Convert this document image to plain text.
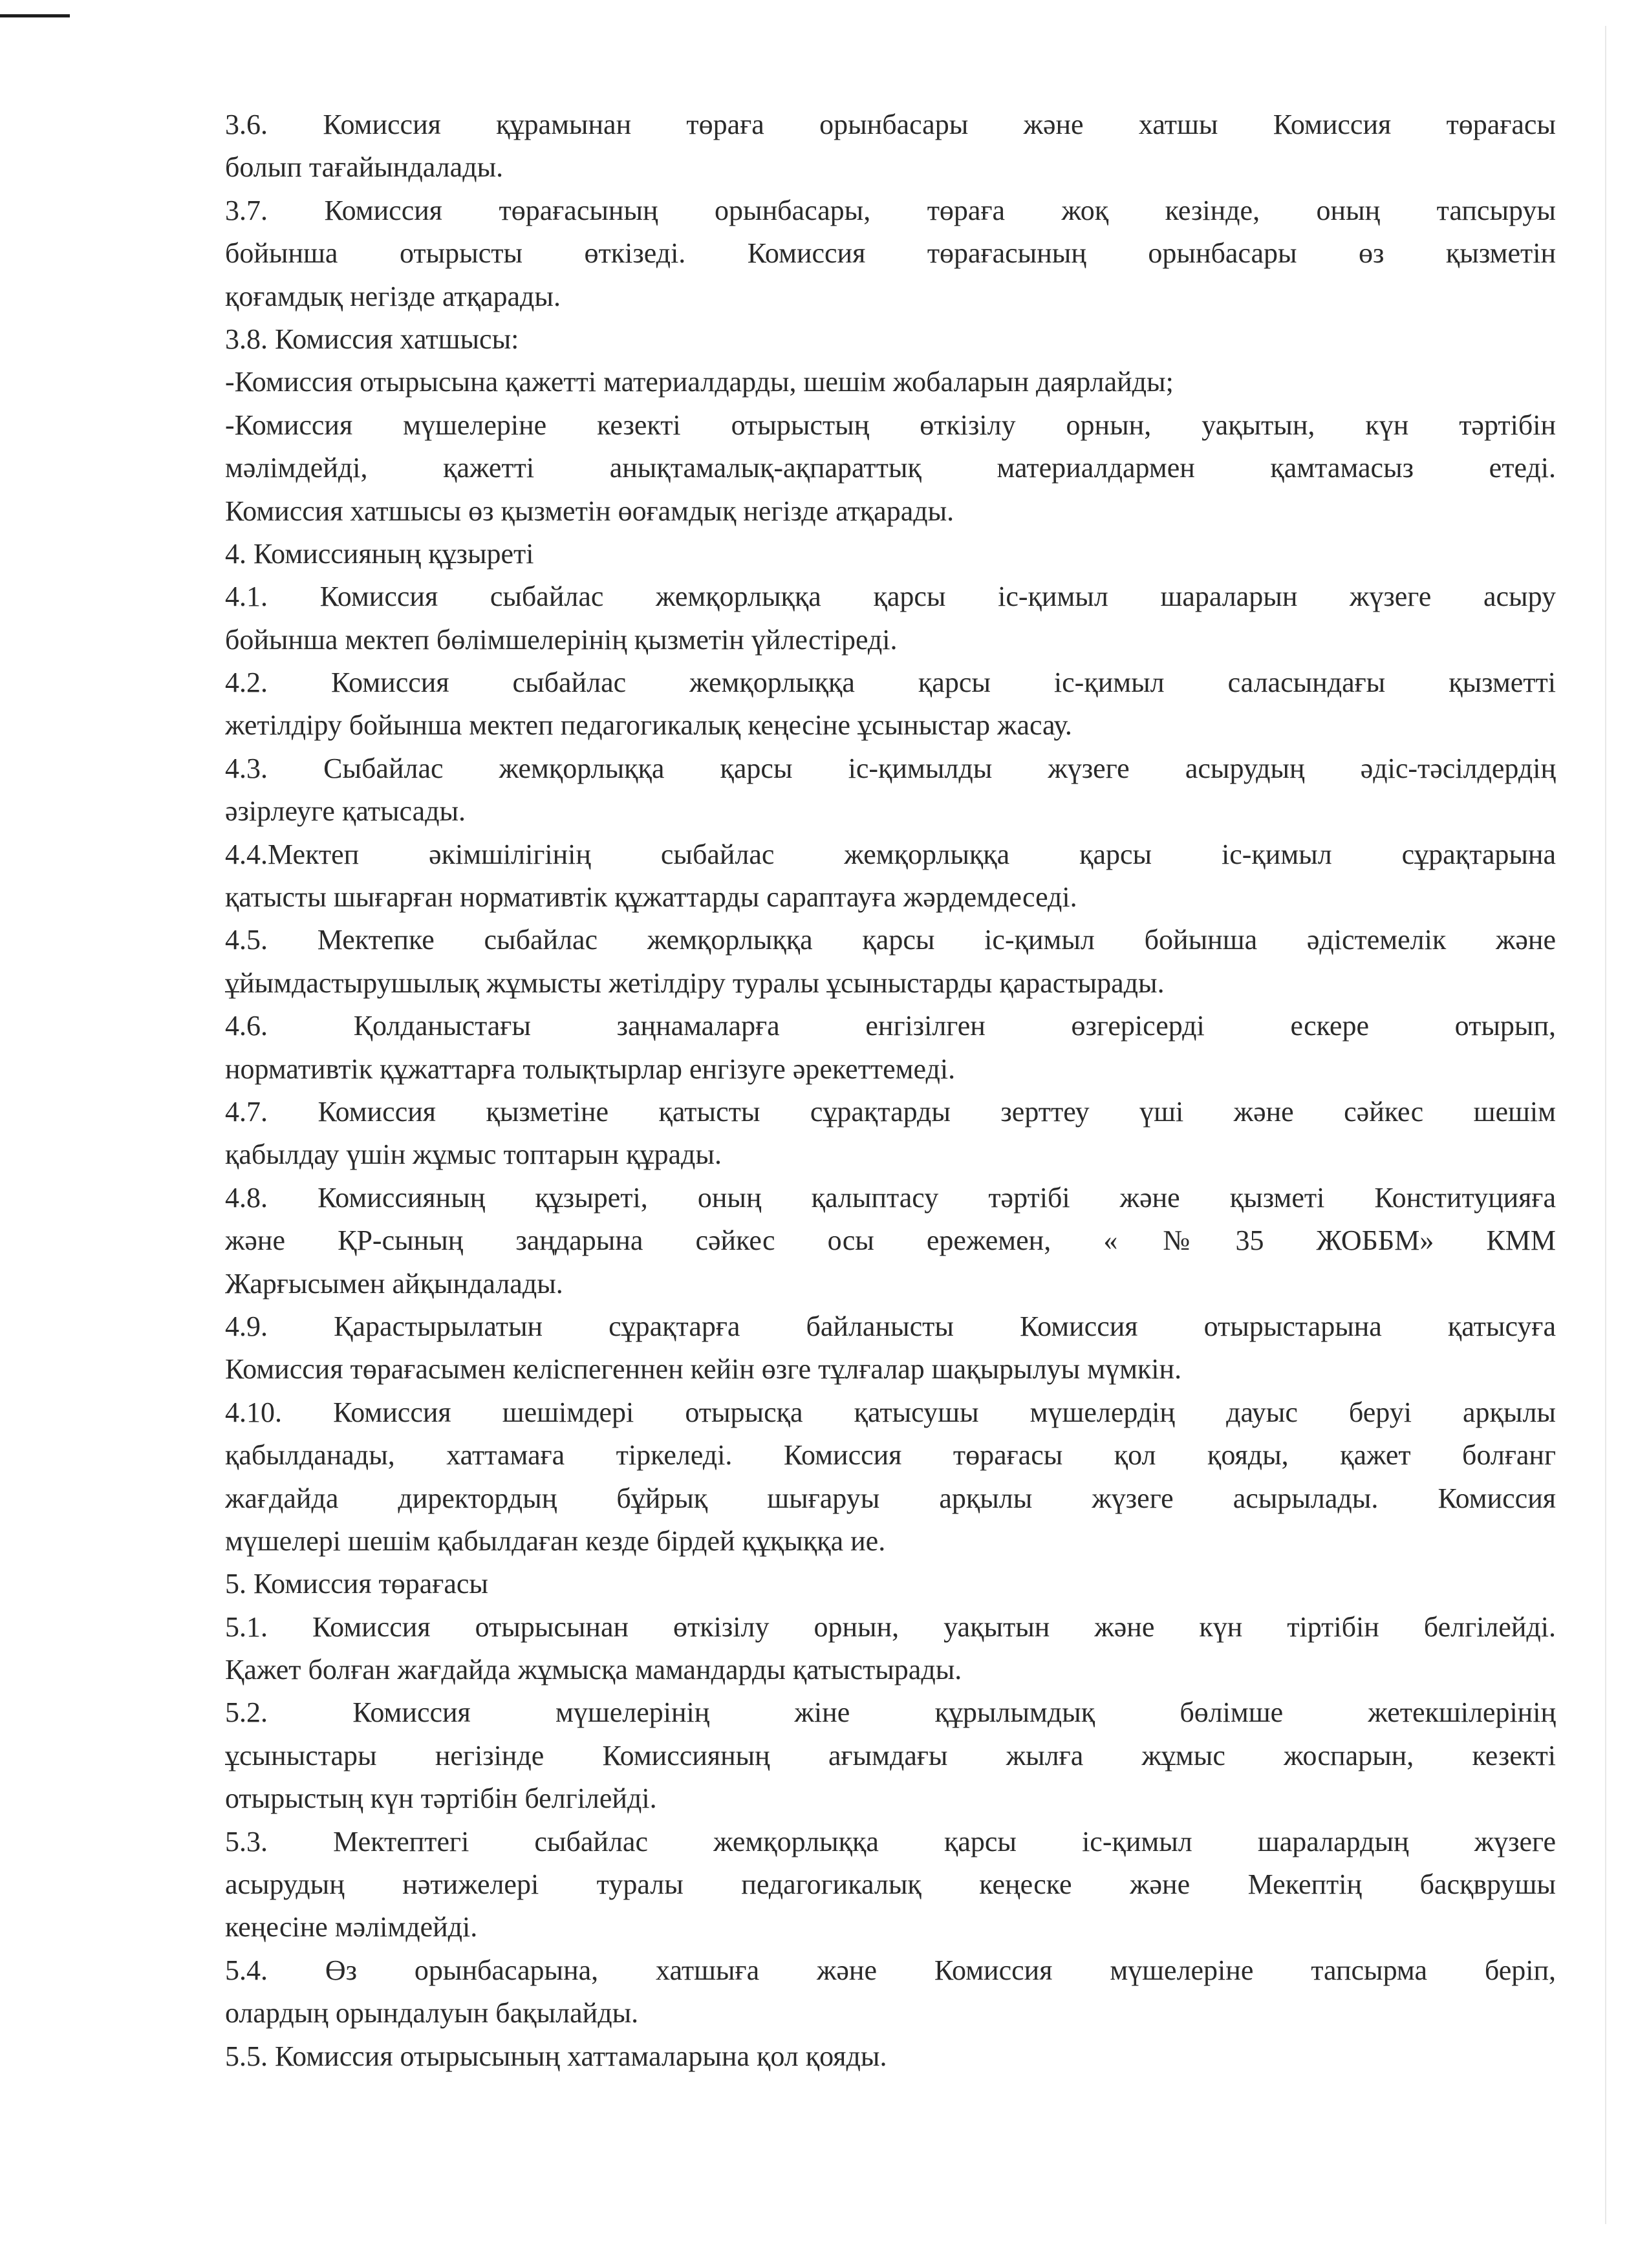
3.6. Комиссия құрамынан төраға орынбасары және хатшы Комиссия төрағасы
болып тағайындалады.
3.7. Комиссия төрағасының орынбасары, төраға жоқ кезінде, оның тапсыруы
бойынша отырысты өткізеді. Комиссия төрағасының орынбасары өз қызметін
қоғамдық негізде атқарады.
3.8. Комиссия хатшысы:
-Комиссия отырысына қажетті материалдарды, шешім жобаларын даярлайды;
-Комиссия мүшелеріне кезекті отырыстың өткізілу орнын, уақытын, күн тәртібін
мәлімдейді, қажетті анықтамалық-ақпараттық материалдармен қамтамасыз етеді.
Комиссия хатшысы өз қызметін өоғамдық негізде атқарады.
4. Комиссияның құзыреті
4.1. Комиссия сыбайлас жемқорлыққа қарсы іс-қимыл шараларын жүзеге асыру
бойынша мектеп бөлімшелерінің қызметін үйлестіреді.
4.2. Комиссия сыбайлас жемқорлыққа қарсы іс-қимыл саласындағы қызметті
жетілдіру бойынша мектеп педагогикалық кеңесіне ұсыныстар жасау.
4.3. Сыбайлас жемқорлыққа қарсы іс-қимылды жүзеге асырудың әдіс-тәсілдердің
әзірлеуге қатысады.
4.4.Мектеп әкімшілігінің сыбайлас жемқорлыққа қарсы іс-қимыл сұрақтарына
қатысты шығарған нормативтік құжаттарды сараптауға жәрдемдеседі.
4.5. Мектепке сыбайлас жемқорлыққа қарсы іс-қимыл бойынша әдістемелік және
ұйымдастырушылық жұмысты жетілдіру туралы ұсыныстарды қарастырады.
4.6. Қолданыстағы заңнамаларға енгізілген өзгерісерді ескере отырып,
нормативтік құжаттарға толықтырлар енгізуге әрекеттемеді.
4.7. Комиссия қызметіне қатысты сұрақтарды зерттеу үші және сәйкес шешім
қабылдау үшін жұмыс топтарын құрады.
4.8. Комиссияның құзыреті, оның қалыптасу тәртібі және қызметі Конституцияға
және ҚР-сының заңдарына сәйкес осы ережемен, «№35 ЖОББМ» КММ
Жарғысымен айқындалады.
4.9. Қарастырылатын сұрақтарға байланысты Комиссия отырыстарына қатысуға
Комиссия төрағасымен келіспегеннен кейін өзге тұлғалар шақырылуы мүмкін.
4.10. Комиссия шешімдері отырысқа қатысушы мүшелердің дауыс беруі арқылы
қабылданады, хаттамаға тіркеледі. Комиссия төрағасы қол қояды, қажет болғанг
жағдайда директордың бұйрық шығаруы арқылы жүзеге асырылады. Комиссия
мүшелері шешім қабылдаған кезде бірдей құқыққа ие.
5. Комиссия төрағасы
5.1. Комиссия отырысынан өткізілу орнын, уақытын және күн тіртібін белгілейді.
Қажет болған жағдайда жұмысқа мамандарды қатыстырады.
5.2. Комиссия мүшелерінің жіне құрылымдық бөлімше жетекшілерінің
ұсыныстары негізінде Комиссияның ағымдағы жылға жұмыс жоспарын, кезекті
отырыстың күн тәртібін белгілейді.
5.3. Мектептегі сыбайлас жемқорлыққа қарсы іс-қимыл шаралардың жүзеге
асырудың нәтижелері туралы педагогикалық кеңеске және Мекептің басқврушы
кеңесіне мәлімдейді.
5.4. Өз орынбасарына, хатшыға және Комиссия мүшелеріне тапсырма беріп,
олардың орындалуын бақылайды.
5.5. Комиссия отырысының хаттамаларына қол қояды.
